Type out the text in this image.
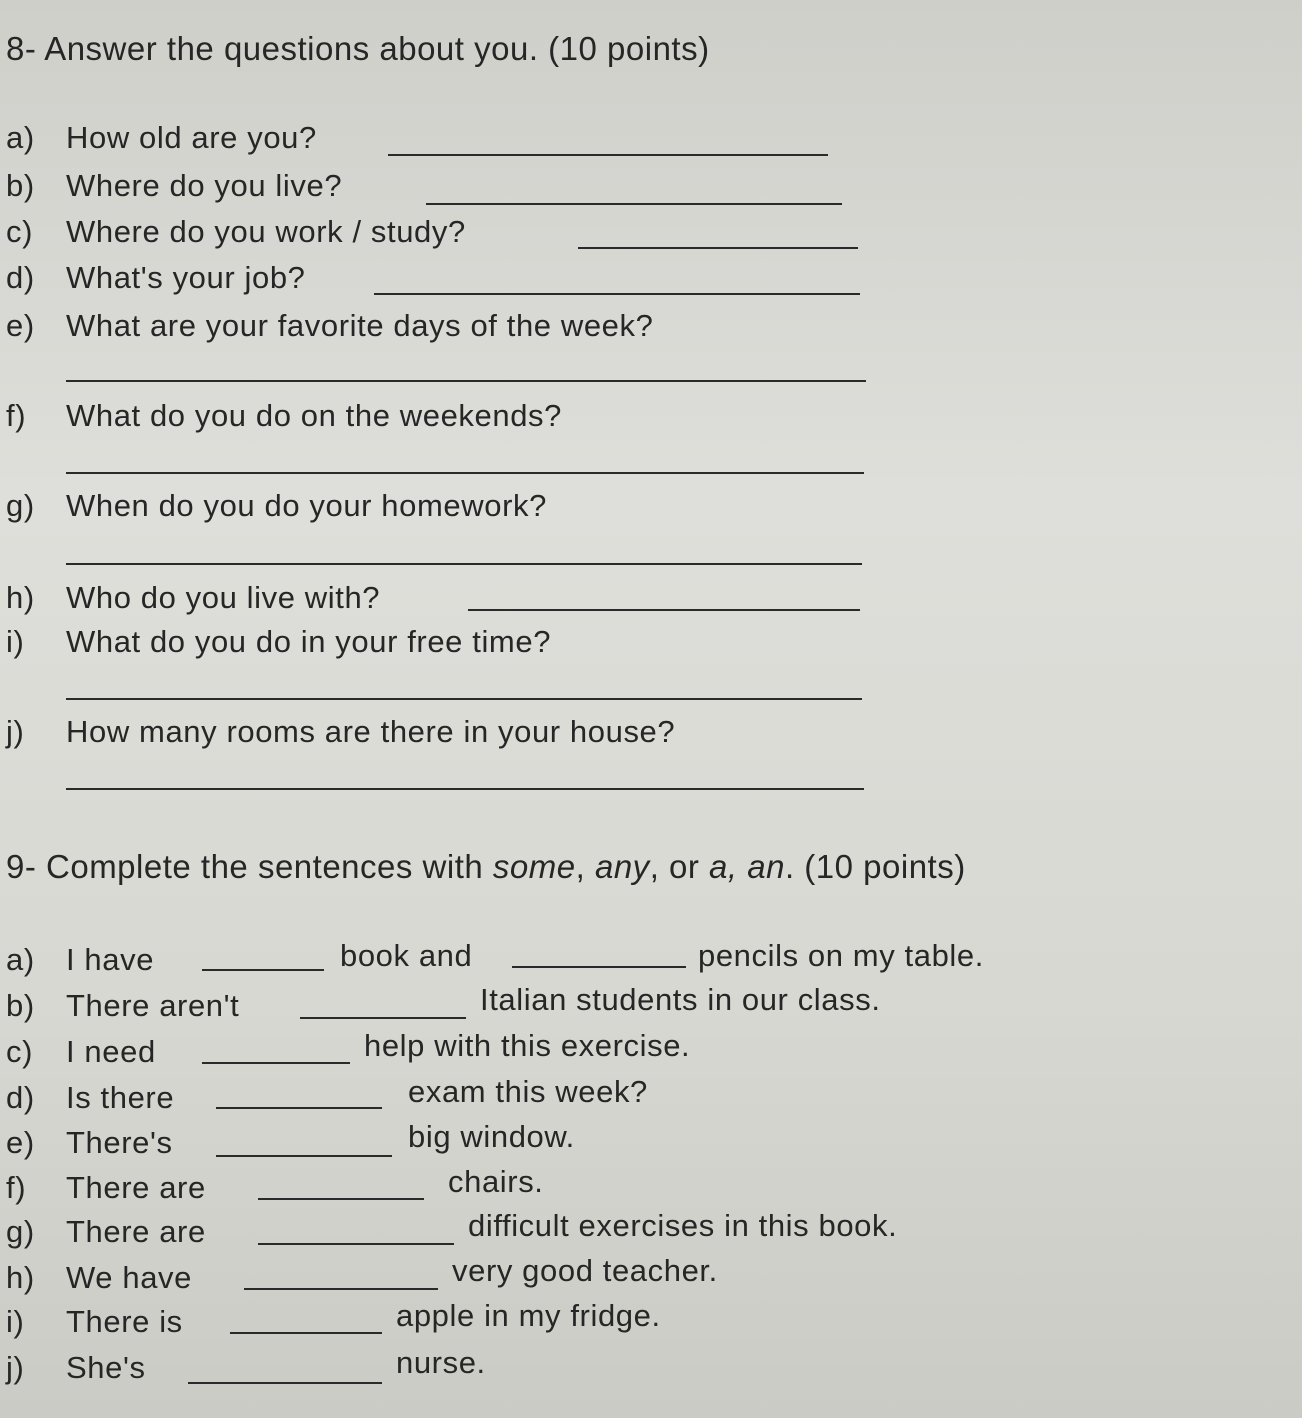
8- Answer the questions about you. (10 points)
a) How old are you?
b) Where do you live?
c) Where do you work / study?
d) What's your job?
e) What are your favorite days of the week?
f) What do you do on the weekends?
g) When do you do your homework?
h) Who do you live with?
i) What do you do in your free time?
j) How many rooms are there in your house?
9- Complete the sentences with some, any, or a, an. (10 points)
a) I have	book and	pencils on my table.
b) There aren't	Italian students in our class.
c) I need	help with this exercise.
d) Is there	exam this week?
e) There's	big window.
f) There are	chairs.
g) There are	difficult exercises in this book.
h) We have	very good teacher.
i) There is	apple in my fridge.
j) She's	nurse.
